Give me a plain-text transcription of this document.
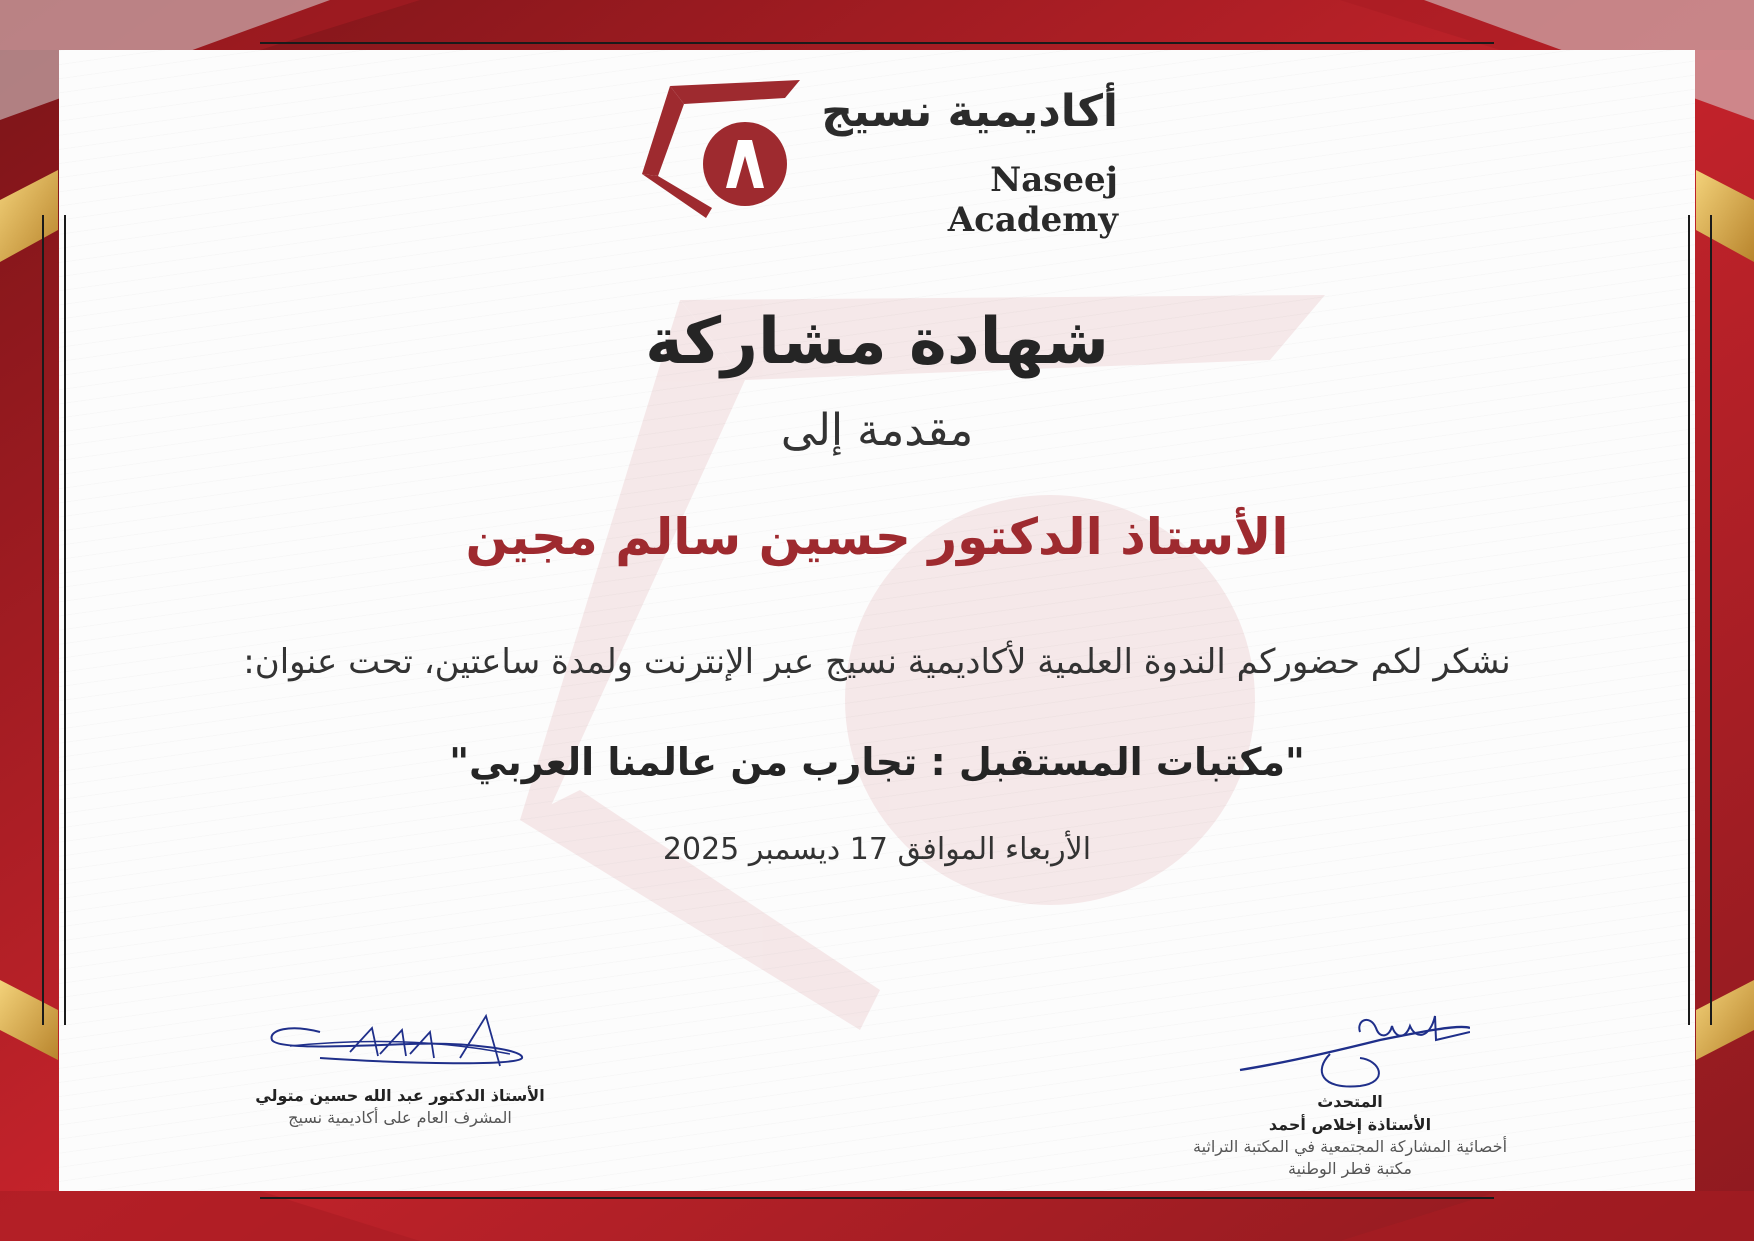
أكاديمية نسيج
Naseej Academy
شهادة مشاركة
مقدمة إلى
الأستاذ الدكتور حسين سالم مجين
نشكر لكم حضوركم الندوة العلمية لأكاديمية نسيج عبر الإنترنت ولمدة ساعتين، تحت عنوان:
"مكتبات المستقبل : تجارب من عالمنا العربي"
الأربعاء الموافق 17 ديسمبر 2025
الأستاذ الدكتور عبد الله حسين متولي
المشرف العام على أكاديمية نسيج
المتحدث
الأستاذة إخلاص أحمد
أخصائية المشاركة المجتمعية في المكتبة التراثية
مكتبة قطر الوطنية
